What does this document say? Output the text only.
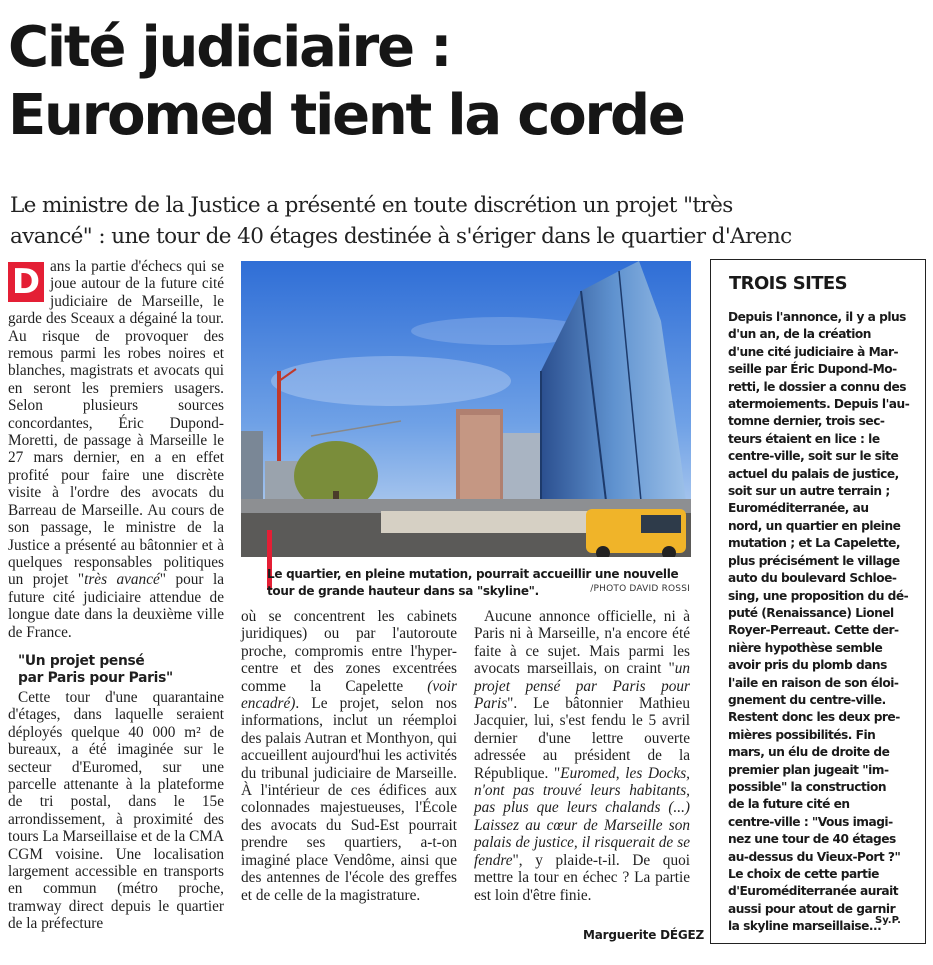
Cité judiciaire :
Euromed tient la corde

Le ministre de la Justice a présenté en toute discrétion un projet "très
avancé" : une tour de 40 étages destinée à s'ériger dans le quartier d'Arenc

D ans la partie d'échecs qui se joue autour de la future cité judiciaire de Marseille, le garde des Sceaux a dégainé la tour. Au risque de provoquer des remous parmi les robes noires et blanches, magistrats et avocats qui en seront les premiers usagers. Selon plusieurs sources concordantes, Éric Dupond-Moretti, de passage à Marseille le 27 mars dernier, en a en effet profité pour faire une discrète visite à l'ordre des avocats du Barreau de Marseille. Au cours de son passage, le ministre de la Justice a présenté au bâtonnier et à quelques responsables politiques un projet "très avancé" pour la future cité judiciaire attendue de longue date dans la deuxième ville de France.

"Un projet pensé
par Paris pour Paris"

Cette tour d'une quarantaine d'étages, dans laquelle seraient déployés quelque 40 000 m² de bureaux, a été imaginée sur le secteur d'Euromed, sur une parcelle attenante à la plateforme de tri postal, dans le 15e arrondissement, à proximité des tours La Marseillaise et de la CMA CGM voisine. Une localisation largement accessible en transports en commun (métro proche, tramway direct depuis le quartier de la préfecture

Le quartier, en pleine mutation, pourrait accueillir une nouvelle
tour de grande hauteur dans sa "skyline".	/PHOTO DAVID ROSSI

où se concentrent les cabinets juridiques) ou par l'autoroute proche, compromis entre l'hyper-centre et des zones excentrées comme la Capelette (voir encadré). Le projet, selon nos informations, inclut un réemploi des palais Autran et Monthyon, qui accueillent aujourd'hui les activités du tribunal judiciaire de Marseille. À l'intérieur de ces édifices aux colonnades majestueuses, l'École des avocats du Sud-Est pourrait prendre ses quartiers, a-t-on imaginé place Vendôme, ainsi que des antennes de l'école des greffes et de celle de la magistrature.

Aucune annonce officielle, ni à Paris ni à Marseille, n'a encore été faite à ce sujet. Mais parmi les avocats marseillais, on craint "un projet pensé par Paris pour Paris". Le bâtonnier Mathieu Jacquier, lui, s'est fendu le 5 avril dernier d'une lettre ouverte adressée au président de la République. "Euromed, les Docks, n'ont pas trouvé leurs habitants, pas plus que leurs chalands (...) Laissez au cœur de Marseille son palais de justice, il risquerait de se fendre", y plaide-t-il. De quoi mettre la tour en échec ? La partie est loin d'être finie.

Marguerite DÉGEZ
TROIS SITES
Depuis l'annonce, il y a plus
d'un an, de la création
d'une cité judiciaire à Mar-
seille par Éric Dupond-Mo-
retti, le dossier a connu des
atermoiements. Depuis l'au-
tomne dernier, trois sec-
teurs étaient en lice : le
centre-ville, soit sur le site
actuel du palais de justice,
soit sur un autre terrain ;
Euroméditerranée, au
nord, un quartier en pleine
mutation ; et La Capelette,
plus précisément le village
auto du boulevard Schloe-
sing, une proposition du dé-
puté (Renaissance) Lionel
Royer-Perreaut. Cette der-
nière hypothèse semble
avoir pris du plomb dans
l'aile en raison de son éloi-
gnement du centre-ville.
Restent donc les deux pre-
mières possibilités. Fin
mars, un élu de droite de
premier plan jugeait "im-
possible" la construction
de la future cité en
centre-ville : "Vous imagi-
nez une tour de 40 étages
au-dessus du Vieux-Port ?"
Le choix de cette partie
d'Euroméditerranée aurait
aussi pour atout de garnir
la skyline marseillaise...
Sy.P.
